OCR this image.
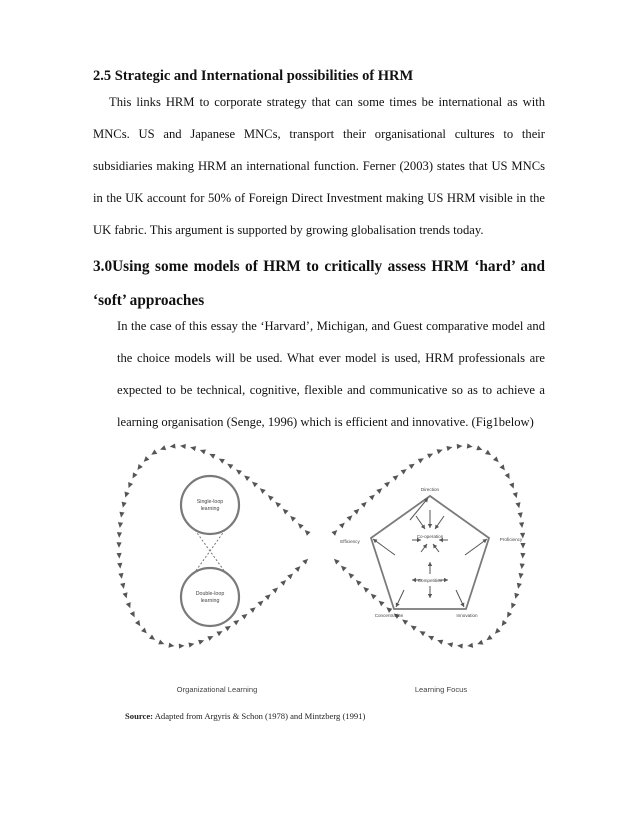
2.5 Strategic and International possibilities of HRM

This links HRM to corporate strategy that can some times be international as with MNCs. US and Japanese MNCs, transport their organisational cultures to their subsidiaries making HRM an international function. Ferner (2003) states that US MNCs in the UK account for 50% of Foreign Direct Investment making US HRM visible in the UK fabric. This argument is supported by growing globalisation trends today.

3.0Using some models of HRM to critically assess HRM ‘hard’ and ‘soft’ approaches

In the case of this essay the ‘Harvard’, Michigan, and Guest comparative model and the choice models will be used. What ever model is used, HRM professionals are expected to be technical, cognitive, flexible and communicative so as to achieve a learning organisation (Senge, 1996) which is efficient and innovative. (Fig1below)

Single-loop learning
Double-loop learning
Direction
Efficiency	Proficiency
Concentration	Innovation
Co-operation
Competition
Organizational Learning	Learning Focus

Source: Adapted from Argyris & Schon (1978) and Mintzberg (1991)
